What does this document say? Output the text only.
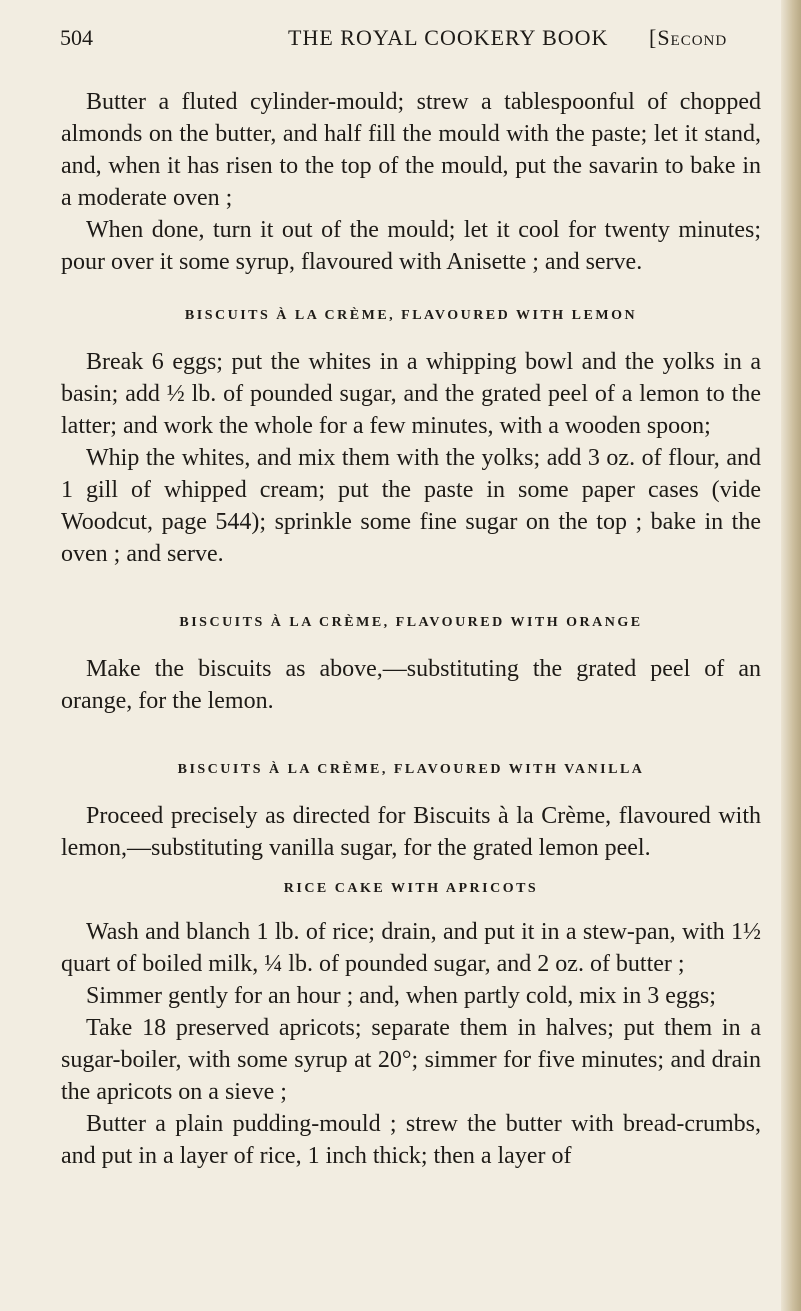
504	THE ROYAL COOKERY BOOK [Second

Butter a fluted cylinder-mould; strew a tablespoonful of chopped almonds on the butter, and half fill the mould with the paste; let it stand, and, when it has risen to the top of the mould, put the savarin to bake in a moderate oven ;

When done, turn it out of the mould; let it cool for twenty minutes; pour over it some syrup, flavoured with Anisette ; and serve.

BISCUITS À LA CRÈME, FLAVOURED WITH LEMON

Break 6 eggs; put the whites in a whipping bowl and the yolks in a basin; add ½ lb. of pounded sugar, and the grated peel of a lemon to the latter; and work the whole for a few minutes, with a wooden spoon;

Whip the whites, and mix them with the yolks; add 3 oz. of flour, and 1 gill of whipped cream; put the paste in some paper cases (vide Woodcut, page 544); sprinkle some fine sugar on the top ; bake in the oven ; and serve.

BISCUITS À LA CRÈME, FLAVOURED WITH ORANGE

Make the biscuits as above,—substituting the grated peel of an orange, for the lemon.

BISCUITS À LA CRÈME, FLAVOURED WITH VANILLA

Proceed precisely as directed for Biscuits à la Crème, flavoured with lemon,—substituting vanilla sugar, for the grated lemon peel.

RICE CAKE WITH APRICOTS

Wash and blanch 1 lb. of rice; drain, and put it in a stew-pan, with 1½ quart of boiled milk, ¼ lb. of pounded sugar, and 2 oz. of butter ;

Simmer gently for an hour ; and, when partly cold, mix in 3 eggs;

Take 18 preserved apricots; separate them in halves; put them in a sugar-boiler, with some syrup at 20°; simmer for five minutes; and drain the apricots on a sieve ;

Butter a plain pudding-mould ; strew the butter with bread-crumbs, and put in a layer of rice, 1 inch thick; then a layer of
